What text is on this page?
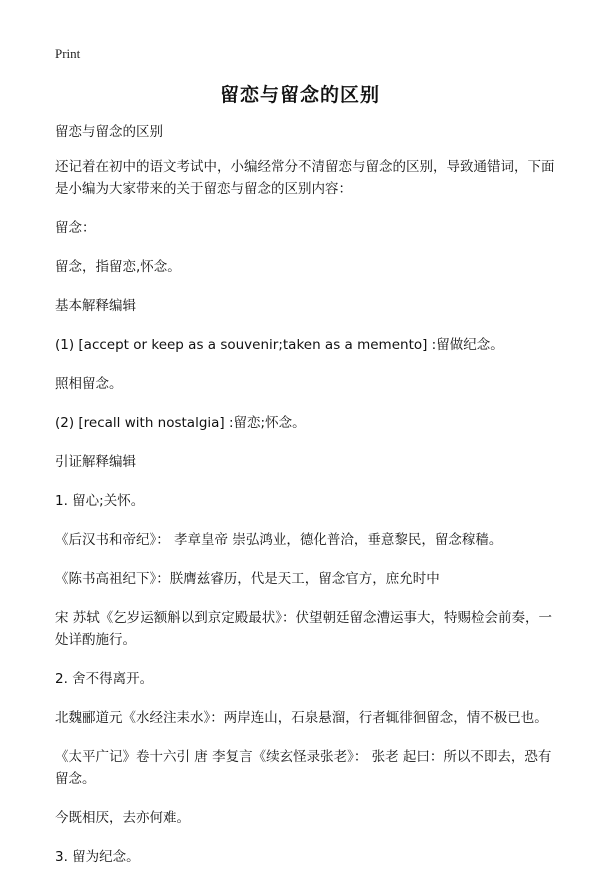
Print
留恋与留念的区别

留恋与留念的区别

还记着在初中的语文考试中，小编经常分不清留恋与留念的区别，导致通错词，下面是小编为大家带来的关于留恋与留念的区别内容：

留念：

留念，指留恋,怀念。

基本解释编辑

(1) [accept or keep as a souvenir;taken as a memento] :留做纪念。

照相留念。

(2) [recall with nostalgia] :留恋;怀念。

引证解释编辑

1. 留心;关怀。

《后汉书和帝纪》： 孝章皇帝 崇弘鸿业，德化普洽，垂意黎民，留念稼穑。

《陈书高祖纪下》：朕膺兹睿历，代是天工，留念官方，庶允时中

宋 苏轼《乞岁运额斛以到京定殿最状》：伏望朝廷留念漕运事大，特赐检会前奏，一处详酌施行。

2. 舍不得离开。

北魏郦道元《水经注耒水》：两岸连山，石泉悬溜，行者辄徘徊留念，情不极已也。

《太平广记》卷十六引 唐 李复言《续玄怪录张老》： 张老 起曰：所以不即去，恐有留念。

今既相厌，去亦何难。

3. 留为纪念。
